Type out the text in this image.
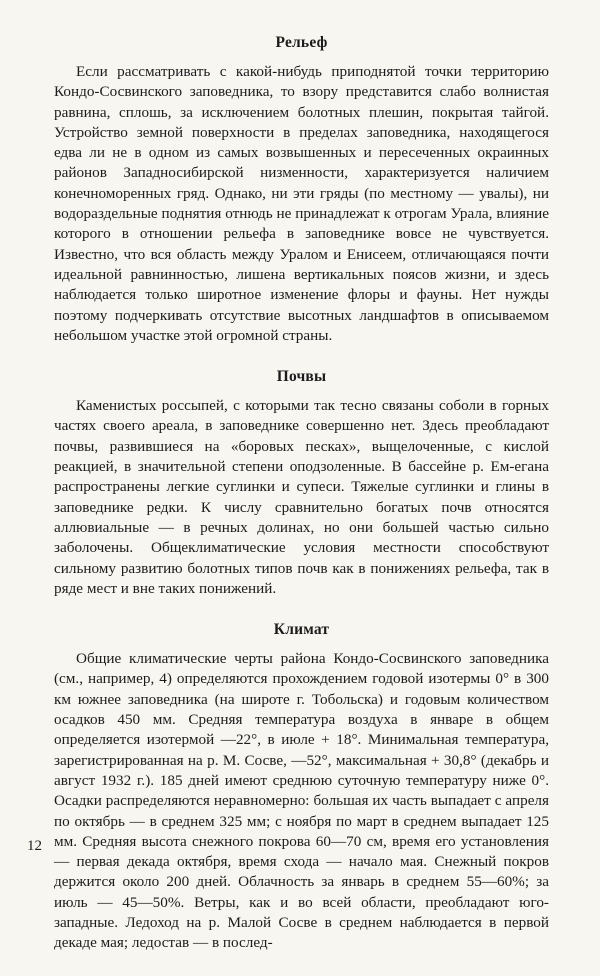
Рельеф

Если рассматривать с какой-нибудь приподнятой точки территорию Кондо-Сосвинского заповедника, то взору представится слабо волнистая равнина, сплошь, за исключением болотных плешин, покрытая тайгой. Устройство земной поверхности в пределах заповедника, находящегося едва ли не в одном из самых возвышенных и пересеченных окраинных районов Западносибирской низменности, характеризуется наличием конечноморенных гряд. Однако, ни эти гряды (по местному — увалы), ни водораздельные поднятия отнюдь не принадлежат к отрогам Урала, влияние которого в отношении рельефа в заповеднике вовсе не чувствуется. Известно, что вся область между Уралом и Енисеем, отличающаяся почти идеальной равнинностью, лишена вертикальных поясов жизни, и здесь наблюдается только широтное изменение флоры и фауны. Нет нужды поэтому подчеркивать отсутствие высотных ландшафтов в описываемом небольшом участке этой огромной страны.

Почвы

Каменистых россыпей, с которыми так тесно связаны соболи в горных частях своего ареала, в заповеднике совершенно нет. Здесь преобладают почвы, развившиеся на «боровых песках», выщелоченные, с кислой реакцией, в значительной степени оподзоленные. В бассейне р. Ем-егана распространены легкие суглинки и супеси. Тяжелые суглинки и глины в заповеднике редки. К числу сравнительно богатых почв относятся аллювиальные — в речных долинах, но они большей частью сильно заболочены. Общеклиматические условия местности способствуют сильному развитию болотных типов почв как в понижениях рельефа, так в ряде мест и вне таких понижений.

Климат

Общие климатические черты района Кондо-Сосвинского заповедника (см., например, 4) определяются прохождением годовой изотермы 0° в 300 км южнее заповедника (на широте г. Тобольска) и годовым количеством осадков 450 мм. Средняя температура воздуха в январе в общем определяется изотермой —22°, в июле + 18°. Минимальная температура, зарегистрированная на р. М. Сосве, —52°, максимальная + 30,8° (декабрь и август 1932 г.). 185 дней имеют среднюю суточную температуру ниже 0°. Осадки распределяются неравномерно: большая их часть выпадает с апреля по октябрь — в среднем 325 мм; с ноября по март в среднем выпадает 125 мм. Средняя высота снежного покрова 60—70 см, время его установления — первая декада октября, время схода — начало мая. Снежный покров держится около 200 дней. Облачность за январь в среднем 55—60%; за июль — 45—50%. Ветры, как и во всей области, преобладают юго-западные. Ледоход на р. Малой Сосве в среднем наблюдается в первой декаде мая; ледостав — в послед-

12
